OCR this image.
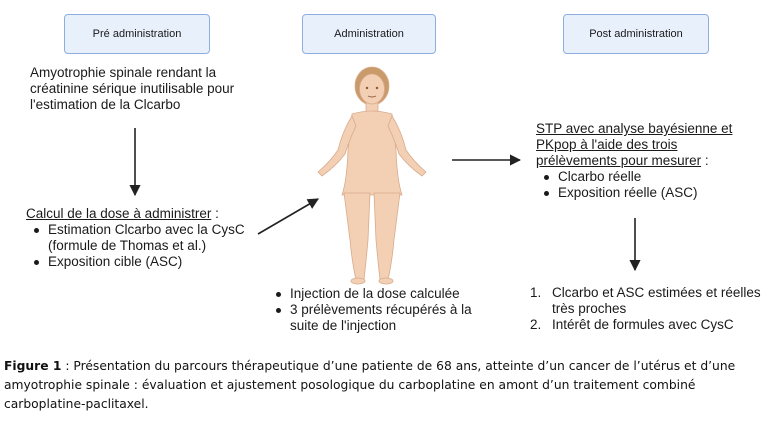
Pré administration	Administration	Post administration
Amyotrophie spinale rendant la créatinine sérique inutilisable pour l'estimation de la Clcarbo
Calcul de la dose à administrer :
Estimation Clcarbo avec la CysC (formule de Thomas et al.)
Exposition cible (ASC)
Injection de la dose calculée
3 prélèvements récupérés à la suite de l'injection
STP avec analyse bayésienne et PKpop à l'aide des trois prélèvements pour mesurer :
Clcarbo réelle
Exposition réelle (ASC)
1. Clcarbo et ASC estimées et réelles très proches
2. Intérêt de formules avec CysC
Figure 1 : Présentation du parcours thérapeutique d’une patiente de 68 ans, atteinte d’un cancer de l’utérus et d’une amyotrophie spinale : évaluation et ajustement posologique du carboplatine en amont d’un traitement combiné carboplatine-paclitaxel.
